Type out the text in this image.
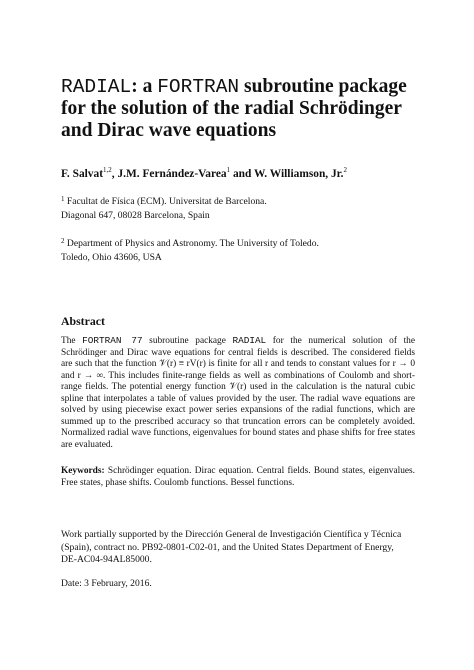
RADIAL: a FORTRAN subroutine package for the solution of the radial Schrödinger and Dirac wave equations
F. Salvat$^{1,2}$, J.M. Fernández-Varea$^1$ and W. Williamson, Jr.$^2$
$^1$ Facultat de Física (ECM). Universitat de Barcelona.
Diagonal 647, 08028 Barcelona, Spain
$^2$ Department of Physics and Astronomy. The University of Toledo.
Toledo, Ohio 43606, USA
Abstract
The FORTRAN 77 subroutine package RADIAL for the numerical solution of the Schrödinger and Dirac wave equations for central fields is described. The considered fields are such that the function 𝒱(r) ≡ rV(r) is finite for all r and tends to constant values for r → 0 and r → ∞. This includes finite-range fields as well as combinations of Coulomb and short-range fields. The potential energy function 𝒱(r) used in the calculation is the natural cubic spline that interpolates a table of values provided by the user. The radial wave equations are solved by using piecewise exact power series expansions of the radial functions, which are summed up to the prescribed accuracy so that truncation errors can be completely avoided. Normalized radial wave functions, eigenvalues for bound states and phase shifts for free states are evaluated.
Keywords: Schrödinger equation. Dirac equation. Central fields. Bound states, eigenvalues. Free states, phase shifts. Coulomb functions. Bessel functions.
Work partially supported by the Dirección General de Investigación Científica y Técnica
(Spain), contract no. PB92-0801-C02-01, and the United States Department of Energy,
DE-AC04-94AL85000.
Date: 3 February, 2016.
